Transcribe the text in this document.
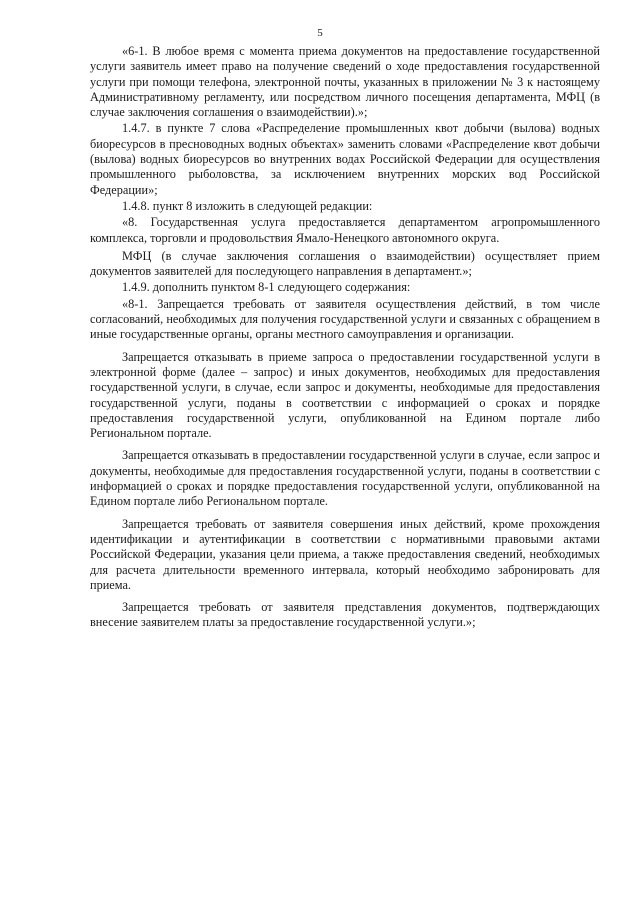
5

«6-1. В любое время с момента приема документов на предоставление государственной услуги заявитель имеет право на получение сведений о ходе предоставления государственной услуги при помощи телефона, электронной почты, указанных в приложении № 3 к настоящему Административному регламенту, или посредством личного посещения департамента, МФЦ (в случае заключения соглашения о взаимодействии).»;

1.4.7. в пункте 7 слова «Распределение промышленных квот добычи (вылова) водных биоресурсов в пресноводных водных объектах» заменить словами «Распределение квот добычи (вылова) водных биоресурсов во внутренних водах Российской Федерации для осуществления промышленного рыболовства, за исключением внутренних морских вод Российской Федерации»;

1.4.8. пункт 8 изложить в следующей редакции:

«8. Государственная услуга предоставляется департаментом агропромышленного комплекса, торговли и продовольствия Ямало-Ненецкого автономного округа.

МФЦ (в случае заключения соглашения о взаимодействии) осуществляет прием документов заявителей для последующего направления в департамент.»;

1.4.9. дополнить пунктом 8-1 следующего содержания:

«8-1. Запрещается требовать от заявителя осуществления действий, в том числе согласований, необходимых для получения государственной услуги и связанных с обращением в иные государственные органы, органы местного самоуправления и организации.

Запрещается отказывать в приеме запроса о предоставлении государственной услуги в электронной форме (далее – запрос) и иных документов, необходимых для предоставления государственной услуги, в случае, если запрос и документы, необходимые для предоставления государственной услуги, поданы в соответствии с информацией о сроках и порядке предоставления государственной услуги, опубликованной на Едином портале либо Региональном портале.

Запрещается отказывать в предоставлении государственной услуги в случае, если запрос и документы, необходимые для предоставления государственной услуги, поданы в соответствии с информацией о сроках и порядке предоставления государственной услуги, опубликованной на Едином портале либо Региональном портале.

Запрещается требовать от заявителя совершения иных действий, кроме прохождения идентификации и аутентификации в соответствии с нормативными правовыми актами Российской Федерации, указания цели приема, а также предоставления сведений, необходимых для расчета длительности временного интервала, который необходимо забронировать для приема.

Запрещается требовать от заявителя представления документов, подтверждающих внесение заявителем платы за предоставление государственной услуги.»;
